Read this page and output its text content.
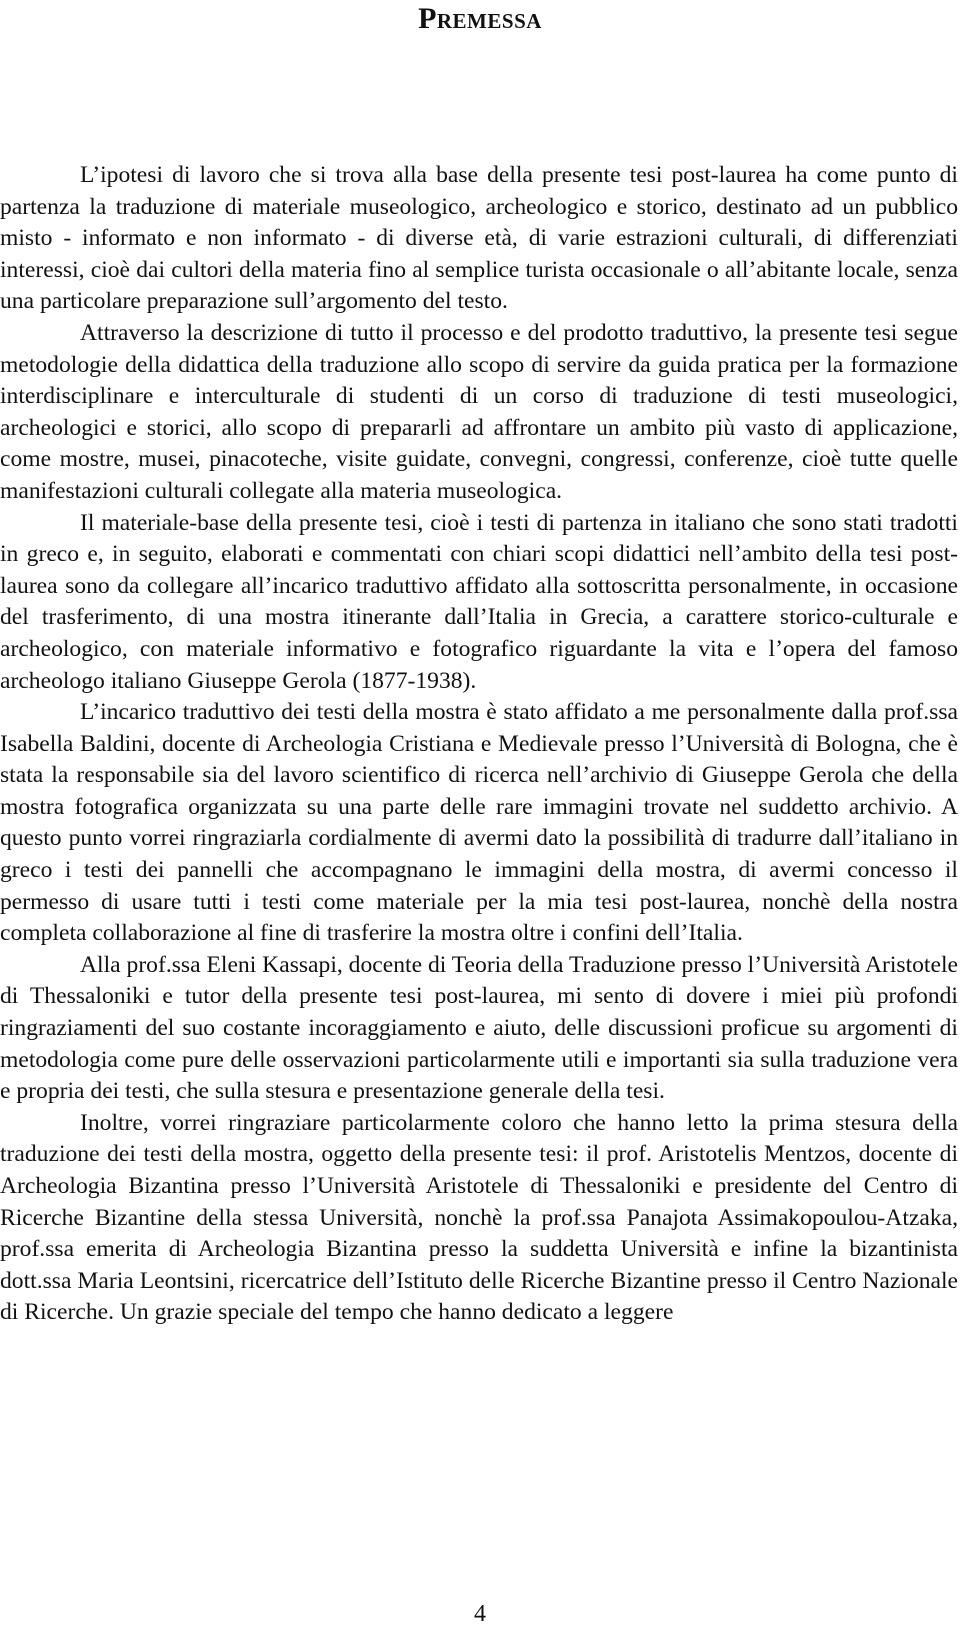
Premessa

L’ipotesi di lavoro che si trova alla base della presente tesi post-laurea ha come punto di partenza la traduzione di materiale museologico, archeologico e storico, destinato ad un pubblico misto - informato e non informato - di diverse età, di varie estrazioni culturali, di differenziati interessi, cioè dai cultori della materia fino al semplice turista occasionale o all’abitante locale, senza una particolare preparazione sull’argomento del testo.

Attraverso la descrizione di tutto il processo e del prodotto traduttivo, la presente tesi segue metodologie della didattica della traduzione allo scopo di servire da guida pratica per la formazione interdisciplinare e interculturale di studenti di un corso di traduzione di testi museologici, archeologici e storici, allo scopo di prepararli ad affrontare un ambito più vasto di applicazione, come mostre, musei, pinacoteche, visite guidate, convegni, congressi, conferenze, cioè tutte quelle manifestazioni culturali collegate alla materia museologica.

Il materiale-base della presente tesi, cioè i testi di partenza in italiano che sono stati tradotti in greco e, in seguito, elaborati e commentati con chiari scopi didattici nell’ambito della tesi post-laurea sono da collegare all’incarico traduttivo affidato alla sottoscritta personalmente, in occasione del trasferimento, di una mostra itinerante dall’Italia in Grecia, a carattere storico-culturale e archeologico, con materiale informativo e fotografico riguardante la vita e l’opera del famoso archeologo italiano Giuseppe Gerola (1877-1938).

L’incarico traduttivo dei testi della mostra è stato affidato a me personalmente dalla prof.ssa Isabella Baldini, docente di Archeologia Cristiana e Medievale presso l’Università di Bologna, che è stata la responsabile sia del lavoro scientifico di ricerca nell’archivio di Giuseppe Gerola che della mostra fotografica organizzata su una parte delle rare immagini trovate nel suddetto archivio. A questo punto vorrei ringraziarla cordialmente di avermi dato la possibilità di tradurre dall’italiano in greco i testi dei pannelli che accompagnano le immagini della mostra, di avermi concesso il permesso di usare tutti i testi come materiale per la mia tesi post-laurea, nonchè della nostra completa collaborazione al fine di trasferire la mostra oltre i confini dell’Italia.

Alla prof.ssa Eleni Kassapi, docente di Teoria della Traduzione presso l’Università Aristotele di Thessaloniki e tutor della presente tesi post-laurea, mi sento di dovere i miei più profondi ringraziamenti del suo costante incoraggiamento e aiuto, delle discussioni proficue su argomenti di metodologia come pure delle osservazioni particolarmente utili e importanti sia sulla traduzione vera e propria dei testi, che sulla stesura e presentazione generale della tesi.

Inoltre, vorrei ringraziare particolarmente coloro che hanno letto la prima stesura della traduzione dei testi della mostra, oggetto della presente tesi: il prof. Aristotelis Mentzos, docente di Archeologia Bizantina presso l’Università Aristotele di Thessaloniki e presidente del Centro di Ricerche Bizantine della stessa Università, nonchè la prof.ssa Panajota Assimakopoulou-Atzaka, prof.ssa emerita di Archeologia Bizantina presso la suddetta Università e infine la bizantinista dott.ssa Maria Leontsini, ricercatrice dell’Istituto delle Ricerche Bizantine presso il Centro Nazionale di Ricerche. Un grazie speciale del tempo che hanno dedicato a leggere

4
